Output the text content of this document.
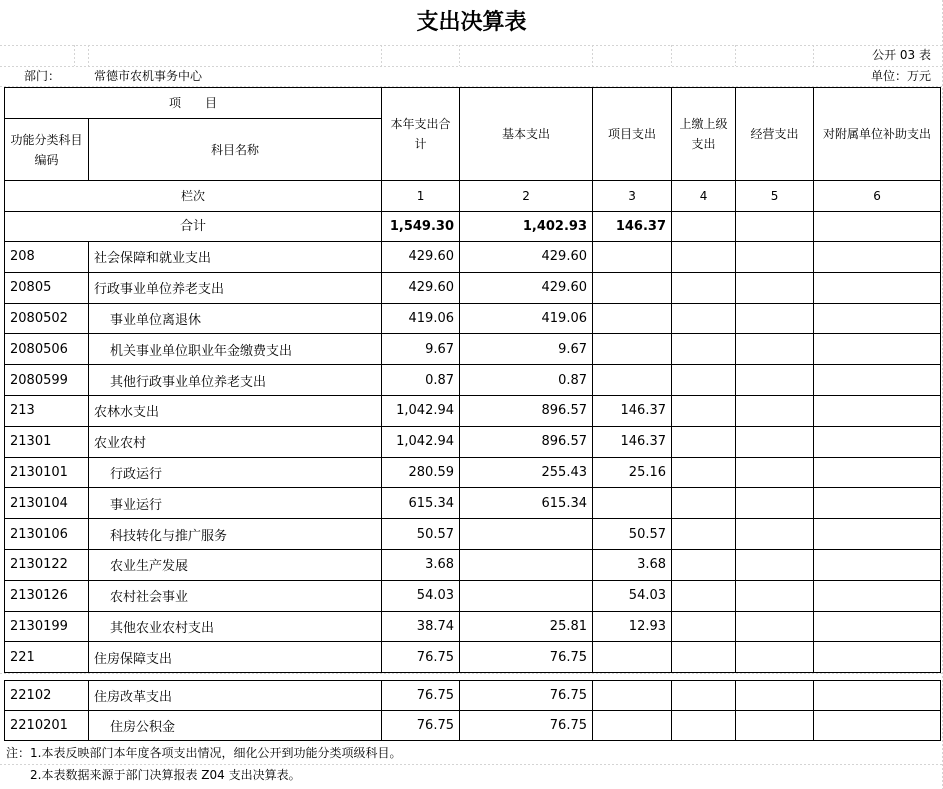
支出决算表
公开 03 表
部门：	常德市农机事务中心	单位：万元
项　　目		本年支出合计	基本支出	项目支出	上缴上级支出	经营支出	对附属单位补助支出
功能分类科目编码	科目名称						
栏次		1	2	3	4	5	6
合计		1,549.30	1,402.93	146.37			
208	社会保障和就业支出	429.60	429.60				
20805	行政事业单位养老支出	429.60	429.60				
2080502	事业单位离退休	419.06	419.06				
2080506	机关事业单位职业年金缴费支出	9.67	9.67				
2080599	其他行政事业单位养老支出	0.87	0.87				
213	农林水支出	1,042.94	896.57	146.37			
21301	农业农村	1,042.94	896.57	146.37			
2130101	行政运行	280.59	255.43	25.16			
2130104	事业运行	615.34	615.34				
2130106	科技转化与推广服务	50.57		50.57			
2130122	农业生产发展	3.68		3.68			
2130126	农村社会事业	54.03		54.03			
2130199	其他农业农村支出	38.74	25.81	12.93			
221	住房保障支出	76.75	76.75				
22102	住房改革支出	76.75	76.75				
2210201	住房公积金	76.75	76.75				
注：1.本表反映部门本年度各项支出情况，细化公开到功能分类项级科目。
　　2.本表数据来源于部门决算报表 Z04 支出决算表。
